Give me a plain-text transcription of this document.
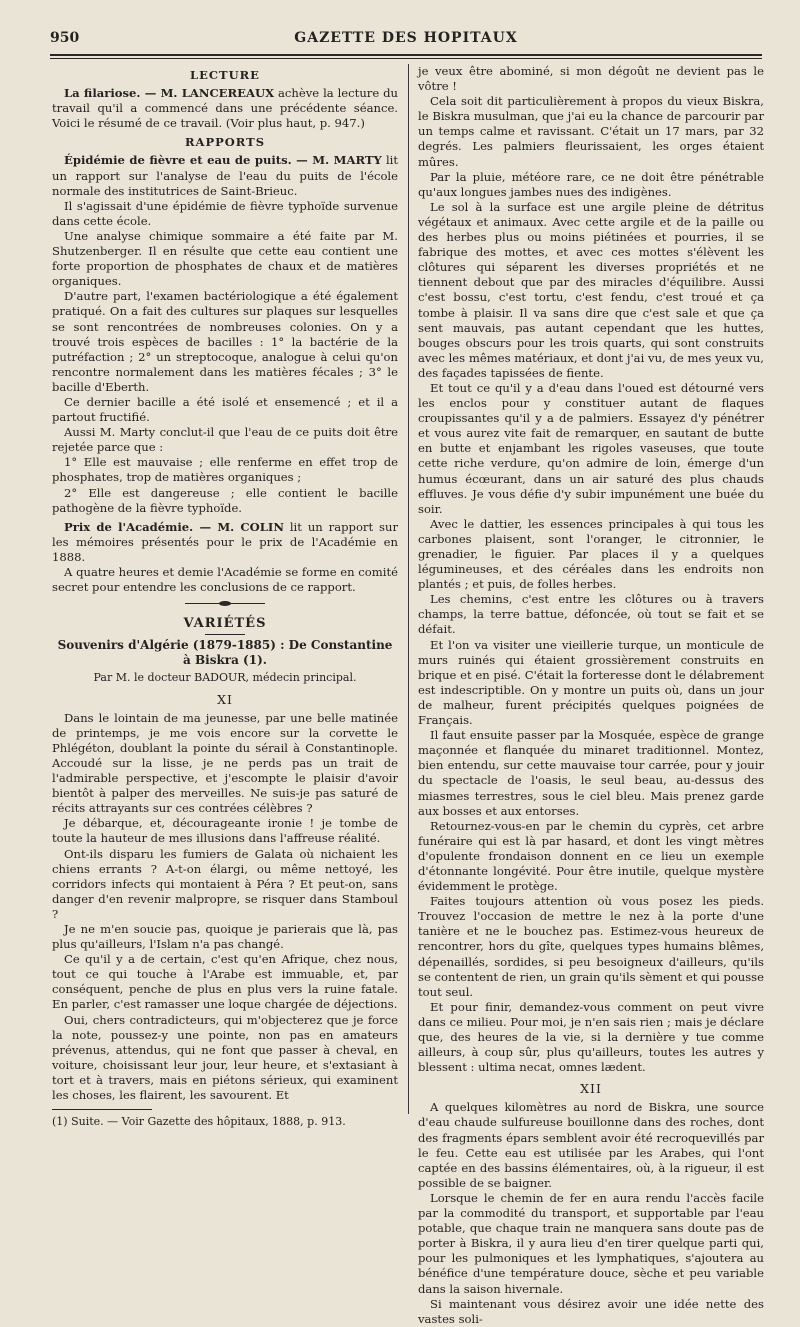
950	GAZETTE DES HOPITAUX
LECTURE

La filariose. — M. LANCEREAUX achève la lecture du travail qu'il a commencé dans une précédente séance. Voici le résumé de ce travail. (Voir plus haut, p. 947.)

RAPPORTS

Épidémie de fièvre et eau de puits. — M. MARTY lit un rapport sur l'analyse de l'eau du puits de l'école normale des institutrices de Saint-Brieuc.

Il s'agissait d'une épidémie de fièvre typhoïde survenue dans cette école.

Une analyse chimique sommaire a été faite par M. Shutzenberger. Il en résulte que cette eau contient une forte proportion de phosphates de chaux et de matières organiques.

D'autre part, l'examen bactériologique a été également pratiqué. On a fait des cultures sur plaques sur lesquelles se sont rencontrées de nombreuses colonies. On y a trouvé trois espèces de bacilles : 1° la bactérie de la putréfaction ; 2° un streptocoque, analogue à celui qu'on rencontre normalement dans les matières fécales ; 3° le bacille d'Eberth.

Ce dernier bacille a été isolé et ensemencé ; et il a partout fructifié.

Aussi M. Marty conclut-il que l'eau de ce puits doit être rejetée parce que :

1° Elle est mauvaise ; elle renferme en effet trop de phosphates, trop de matières organiques ;

2° Elle est dangereuse ; elle contient le bacille pathogène de la fièvre typhoïde.

Prix de l'Académie. — M. COLIN lit un rapport sur les mémoires présentés pour le prix de l'Académie en 1888.

A quatre heures et demie l'Académie se forme en comité secret pour entendre les conclusions de ce rapport.

VARIÉTÉS
Souvenirs d'Algérie (1879-1885) : De Constantine
à Biskra (1).
Par M. le docteur BADOUR, médecin principal.
XI

Dans le lointain de ma jeunesse, par une belle matinée de printemps, je me vois encore sur la corvette le Phlégéton, doublant la pointe du sérail à Constantinople. Accoudé sur la lisse, je ne perds pas un trait de l'admirable perspective, et j'escompte le plaisir d'avoir bientôt à palper des merveilles. Ne suis-je pas saturé de récits attrayants sur ces contrées célèbres ?

Je débarque, et, décourageante ironie ! je tombe de toute la hauteur de mes illusions dans l'affreuse réalité.

Ont-ils disparu les fumiers de Galata où nichaient les chiens errants ? A-t-on élargi, ou même nettoyé, les corridors infects qui montaient à Péra ? Et peut-on, sans danger d'en revenir malpropre, se risquer dans Stamboul ?

Je ne m'en soucie pas, quoique je parierais que là, pas plus qu'ailleurs, l'Islam n'a pas changé.

Ce qu'il y a de certain, c'est qu'en Afrique, chez nous, tout ce qui touche à l'Arabe est immuable, et, par conséquent, penche de plus en plus vers la ruine fatale. En parler, c'est ramasser une loque chargée de déjections.

Oui, chers contradicteurs, qui m'objecterez que je force la note, poussez-y une pointe, non pas en amateurs prévenus, attendus, qui ne font que passer à cheval, en voiture, choisissant leur jour, leur heure, et s'extasiant à tort et à travers, mais en piétons sérieux, qui examinent les choses, les flairent, les savourent. Et

(1) Suite. — Voir Gazette des hôpitaux, 1888, p. 913.

je veux être abominé, si mon dégoût ne devient pas le vôtre !

Cela soit dit particulièrement à propos du vieux Biskra, le Biskra musulman, que j'ai eu la chance de parcourir par un temps calme et ravissant. C'était un 17 mars, par 32 degrés. Les palmiers fleurissaient, les orges étaient mûres.

Par la pluie, météore rare, ce ne doit être pénétrable qu'aux longues jambes nues des indigènes.

Le sol à la surface est une argile pleine de détritus végétaux et animaux. Avec cette argile et de la paille ou des herbes plus ou moins piétinées et pourries, il se fabrique des mottes, et avec ces mottes s'élèvent les clôtures qui séparent les diverses propriétés et ne tiennent debout que par des miracles d'équilibre. Aussi c'est bossu, c'est tortu, c'est fendu, c'est troué et ça tombe à plaisir. Il va sans dire que c'est sale et que ça sent mauvais, pas autant cependant que les huttes, bouges obscurs pour les trois quarts, qui sont construits avec les mêmes matériaux, et dont j'ai vu, de mes yeux vu, des façades tapissées de fiente.

Et tout ce qu'il y a d'eau dans l'oued est détourné vers les enclos pour y constituer autant de flaques croupissantes qu'il y a de palmiers. Essayez d'y pénétrer et vous aurez vite fait de remarquer, en sautant de butte en butte et enjambant les rigoles vaseuses, que toute cette riche verdure, qu'on admire de loin, émerge d'un humus écœurant, dans un air saturé des plus chauds effluves. Je vous défie d'y subir impunément une buée du soir.

Avec le dattier, les essences principales à qui tous les carbones plaisent, sont l'oranger, le citronnier, le grenadier, le figuier. Par places il y a quelques légumineuses, et des céréales dans les endroits non plantés ; et puis, de folles herbes.

Les chemins, c'est entre les clôtures ou à travers champs, la terre battue, défoncée, où tout se fait et se défait.

Et l'on va visiter une vieillerie turque, un monticule de murs ruinés qui étaient grossièrement construits en brique et en pisé. C'était la forteresse dont le délabrement est indescriptible. On y montre un puits où, dans un jour de malheur, furent précipités quelques poignées de Français.

Il faut ensuite passer par la Mosquée, espèce de grange maçonnée et flanquée du minaret traditionnel. Montez, bien entendu, sur cette mauvaise tour carrée, pour y jouir du spectacle de l'oasis, le seul beau, au-dessus des miasmes terrestres, sous le ciel bleu. Mais prenez garde aux bosses et aux entorses.

Retournez-vous-en par le chemin du cyprès, cet arbre funéraire qui est là par hasard, et dont les vingt mètres d'opulente frondaison donnent en ce lieu un exemple d'étonnante longévité. Pour être inutile, quelque mystère évidemment le protège.

Faites toujours attention où vous posez les pieds. Trouvez l'occasion de mettre le nez à la porte d'une tanière et ne le bouchez pas. Estimez-vous heureux de rencontrer, hors du gîte, quelques types humains blêmes, dépenaillés, sordides, si peu besoigneux d'ailleurs, qu'ils se contentent de rien, un grain qu'ils sèment et qui pousse tout seul.

Et pour finir, demandez-vous comment on peut vivre dans ce milieu. Pour moi, je n'en sais rien ; mais je déclare que, des heures de la vie, si la dernière y tue comme ailleurs, à coup sûr, plus qu'ailleurs, toutes les autres y blessent : ultima necat, omnes lædent.

XII

A quelques kilomètres au nord de Biskra, une source d'eau chaude sulfureuse bouillonne dans des roches, dont des fragments épars semblent avoir été recroquevillés par le feu. Cette eau est utilisée par les Arabes, qui l'ont captée en des bassins élémentaires, où, à la rigueur, il est possible de se baigner.

Lorsque le chemin de fer en aura rendu l'accès facile par la commodité du transport, et supportable par l'eau potable, que chaque train ne manquera sans doute pas de porter à Biskra, il y aura lieu d'en tirer quelque parti qui, pour les pulmoniques et les lymphatiques, s'ajoutera au bénéfice d'une température douce, sèche et peu variable dans la saison hivernale.

Si maintenant vous désirez avoir une idée nette des vastes soli-
